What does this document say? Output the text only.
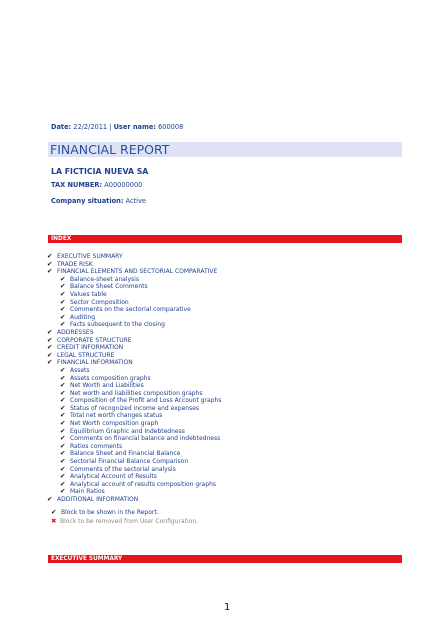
Date: 22/2/2011 | User name: 600008
FINANCIAL REPORT
LA FICTICIA NUEVA SA
TAX NUMBER: A00000000
Company situation: Active
INDEX
✔ EXECUTIVE SUMMARY
✔ TRADE RISK
✔ FINANCIAL ELEMENTS AND SECTORIAL COMPARATIVE
✔ Balance-sheet analysis
✔ Balance Sheet Comments
✔ Values table
✔ Sector Composition
✔ Comments on the sectorial comparative
✔ Auditing
✔ Facts subsequent to the closing
✔ ADDRESSES
✔ CORPORATE STRUCTURE
✔ CREDIT INFORMATION
✔ LEGAL STRUCTURE
✔ FINANCIAL INFORMATION
✔ Assets
✔ Assets composition graphs
✔ Net Worth and Liabilities
✔ Net worth and liabilities composition graphs
✔ Composition of the Profit and Loss Account graphs
✔ Status of recognized income and expenses
✔ Total net worth changes status
✔ Net Worth composition graph
✔ Equilibrium Graphic and Indebtedness
✔ Comments on financial balance and indebtedness
✔ Ratios comments
✔ Balance Sheet and Financial Balance
✔ Sectorial Financial Balance Comparison
✔ Comments of the sectorial analysis
✔ Analytical Account of Results
✔ Analytical account of results composition graphs
✔ Main Ratios
✔ ADDITIONAL INFORMATION
✔ Block to be shown in the Report.
✖ Block to be removed from User Configuration.
EXECUTIVE SUMMARY
1
